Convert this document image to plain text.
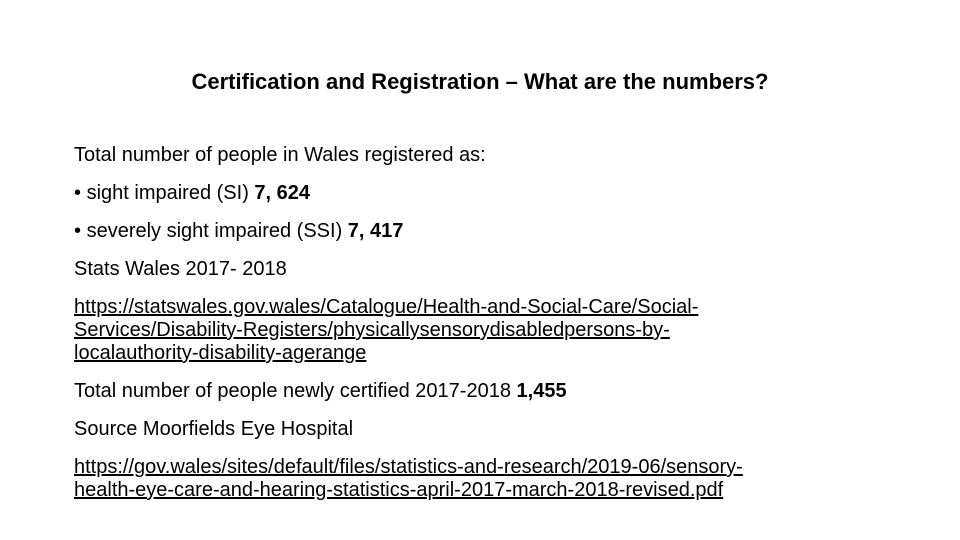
Certification and Registration – What are the numbers?

Total number of people in Wales registered as:

• sight impaired (SI) 7, 624

• severely sight impaired (SSI) 7, 417

Stats Wales 2017- 2018

https://statswales.gov.wales/Catalogue/Health-and-Social-Care/Social-
Services/Disability-Registers/physicallysensorydisabledpersons-by-
localauthority-disability-agerange

Total number of people newly certified 2017-2018 1,455

Source Moorfields Eye Hospital

https://gov.wales/sites/default/files/statistics-and-research/2019-06/sensory-
health-eye-care-and-hearing-statistics-april-2017-march-2018-revised.pdf
